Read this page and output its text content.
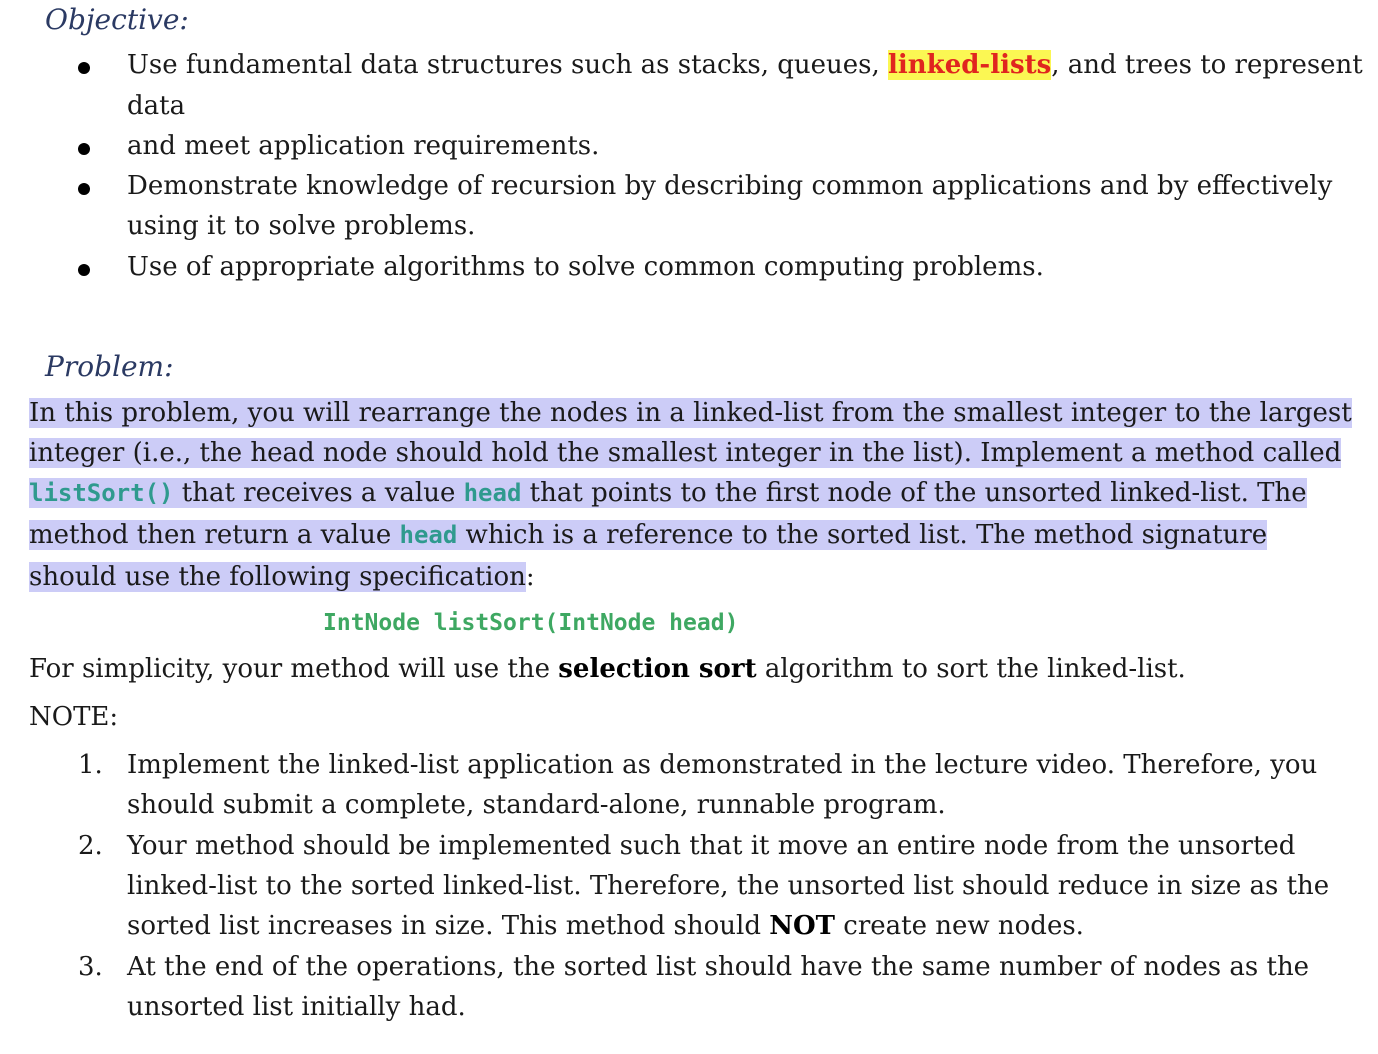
Objective:
Use fundamental data structures such as stacks, queues, linked-lists, and trees to represent
data
and meet application requirements.
Demonstrate knowledge of recursion by describing common applications and by effectively
using it to solve problems.
Use of appropriate algorithms to solve common computing problems.
Problem:
In this problem, you will rearrange the nodes in a linked-list from the smallest integer to the largest
integer (i.e., the head node should hold the smallest integer in the list). Implement a method called
listSort() that receives a value head that points to the first node of the unsorted linked-list. The
method then return a value head which is a reference to the sorted list. The method signature
should use the following specification:
IntNode listSort(IntNode head)
For simplicity, your method will use the selection sort algorithm to sort the linked-list.
NOTE:
1. Implement the linked-list application as demonstrated in the lecture video. Therefore, you
should submit a complete, standard-alone, runnable program.
2. Your method should be implemented such that it move an entire node from the unsorted
linked-list to the sorted linked-list. Therefore, the unsorted list should reduce in size as the
sorted list increases in size. This method should NOT create new nodes.
3. At the end of the operations, the sorted list should have the same number of nodes as the
unsorted list initially had.
